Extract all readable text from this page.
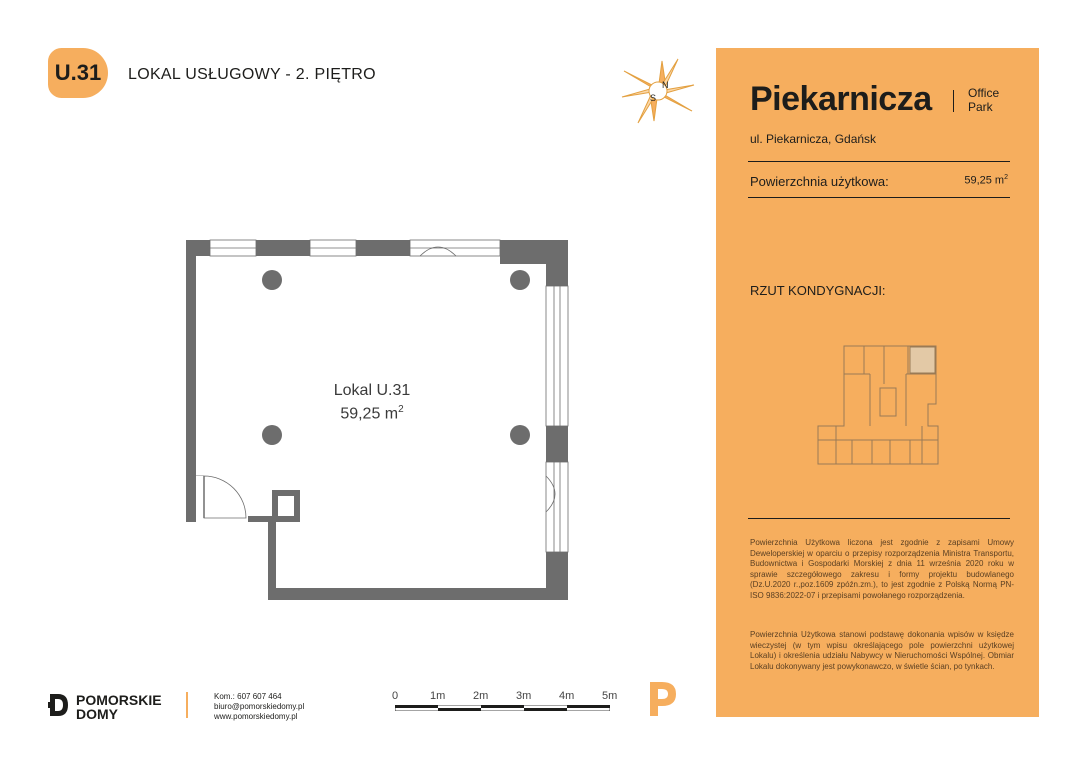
U.31 LOKAL USŁUGOWY - 2. PIĘTRO
N
S
Lokal U.31
59,25 $m^2$
POMORSKIE
DOMY
Kom.: 607 607 464
biuro@pomorskiedomy.pl
www.pomorskiedomy.pl
0	1m	2m	3m	4m	5m
Piekarnicza	Office
Park
ul. Piekarnicza, Gdańsk
Powierzchnia użytkowa:	59,25 $m^2$
RZUT KONDYGNACJI:
Powierzchnia Użytkowa liczona jest zgodnie z zapisami Umowy Deweloperskiej w oparciu o przepisy rozporządzenia Ministra Transportu, Budownictwa i Gospodarki Morskiej z dnia 11 września 2020 roku w sprawie szczegółowego zakresu i formy projektu budowlanego (Dz.U.2020 r.,poz.1609 zpóźn.zm.), to jest zgodnie z Polską Normą PN-ISO 9836:2022-07 i przepisami powołanego rozporządzenia.
Powierzchnia Użytkowa stanowi podstawę dokonania wpisów w księdze wieczystej (w tym wpisu określającego pole powierzchni użytkowej Lokalu) i określenia udziału Nabywcy w Nieruchomości Wspólnej. Obmiar Lokalu dokonywany jest powykonawczo, w świetle ścian, po tynkach.
